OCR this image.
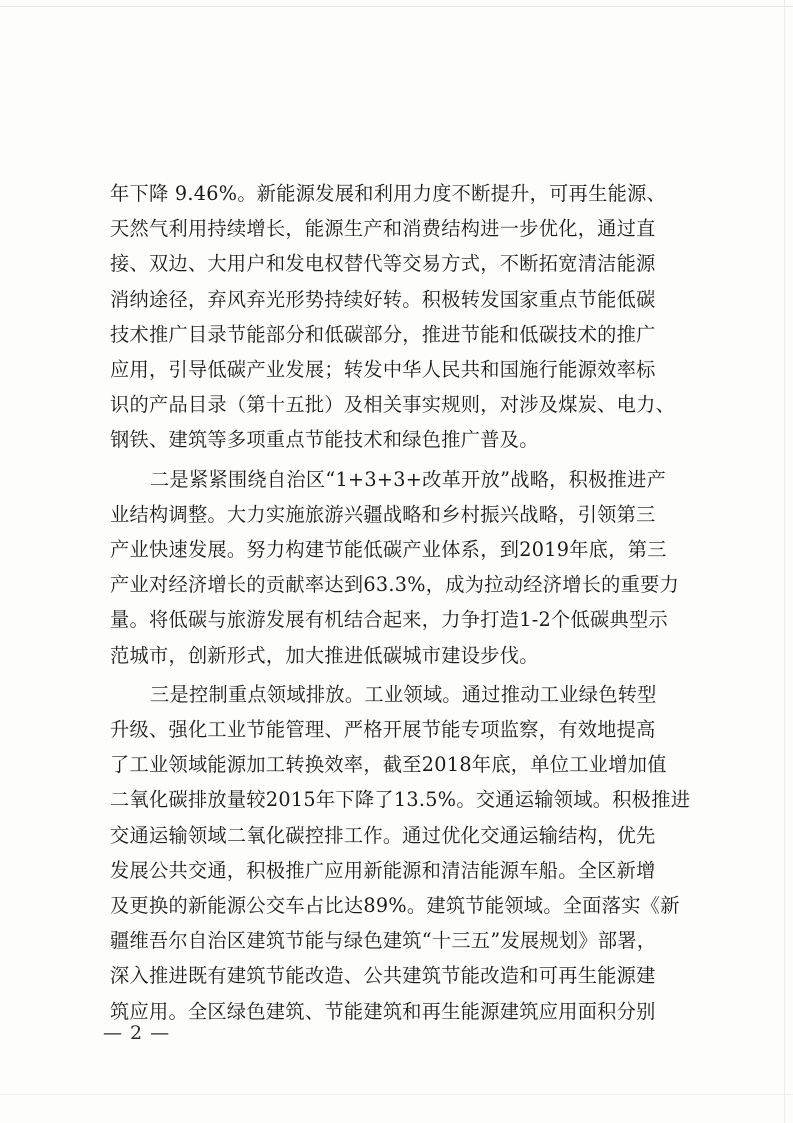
年下降 9.46%。新能源发展和利用力度不断提升，可再生能源、
天然气利用持续增长，能源生产和消费结构进一步优化，通过直
接、双边、大用户和发电权替代等交易方式，不断拓宽清洁能源
消纳途径，弃风弃光形势持续好转。积极转发国家重点节能低碳
技术推广目录节能部分和低碳部分，推进节能和低碳技术的推广
应用，引导低碳产业发展；转发中华人民共和国施行能源效率标
识的产品目录（第十五批）及相关事实规则，对涉及煤炭、电力、
钢铁、建筑等多项重点节能技术和绿色推广普及。

二是紧紧围绕自治区“1+3+3+改革开放”战略，积极推进产
业结构调整。大力实施旅游兴疆战略和乡村振兴战略，引领第三
产业快速发展。努力构建节能低碳产业体系，到2019年底，第三
产业对经济增长的贡献率达到63.3%，成为拉动经济增长的重要力
量。将低碳与旅游发展有机结合起来，力争打造1-2个低碳典型示
范城市，创新形式，加大推进低碳城市建设步伐。

三是控制重点领域排放。工业领域。通过推动工业绿色转型
升级、强化工业节能管理、严格开展节能专项监察，有效地提高
了工业领域能源加工转换效率，截至2018年底，单位工业增加值
二氧化碳排放量较2015年下降了13.5%。交通运输领域。积极推进
交通运输领域二氧化碳控排工作。通过优化交通运输结构，优先
发展公共交通，积极推广应用新能源和清洁能源车船。全区新增
及更换的新能源公交车占比达89%。建筑节能领域。全面落实《新
疆维吾尔自治区建筑节能与绿色建筑“十三五”发展规划》部署，
深入推进既有建筑节能改造、公共建筑节能改造和可再生能源建
筑应用。全区绿色建筑、节能建筑和再生能源建筑应用面积分别

— 2 —
